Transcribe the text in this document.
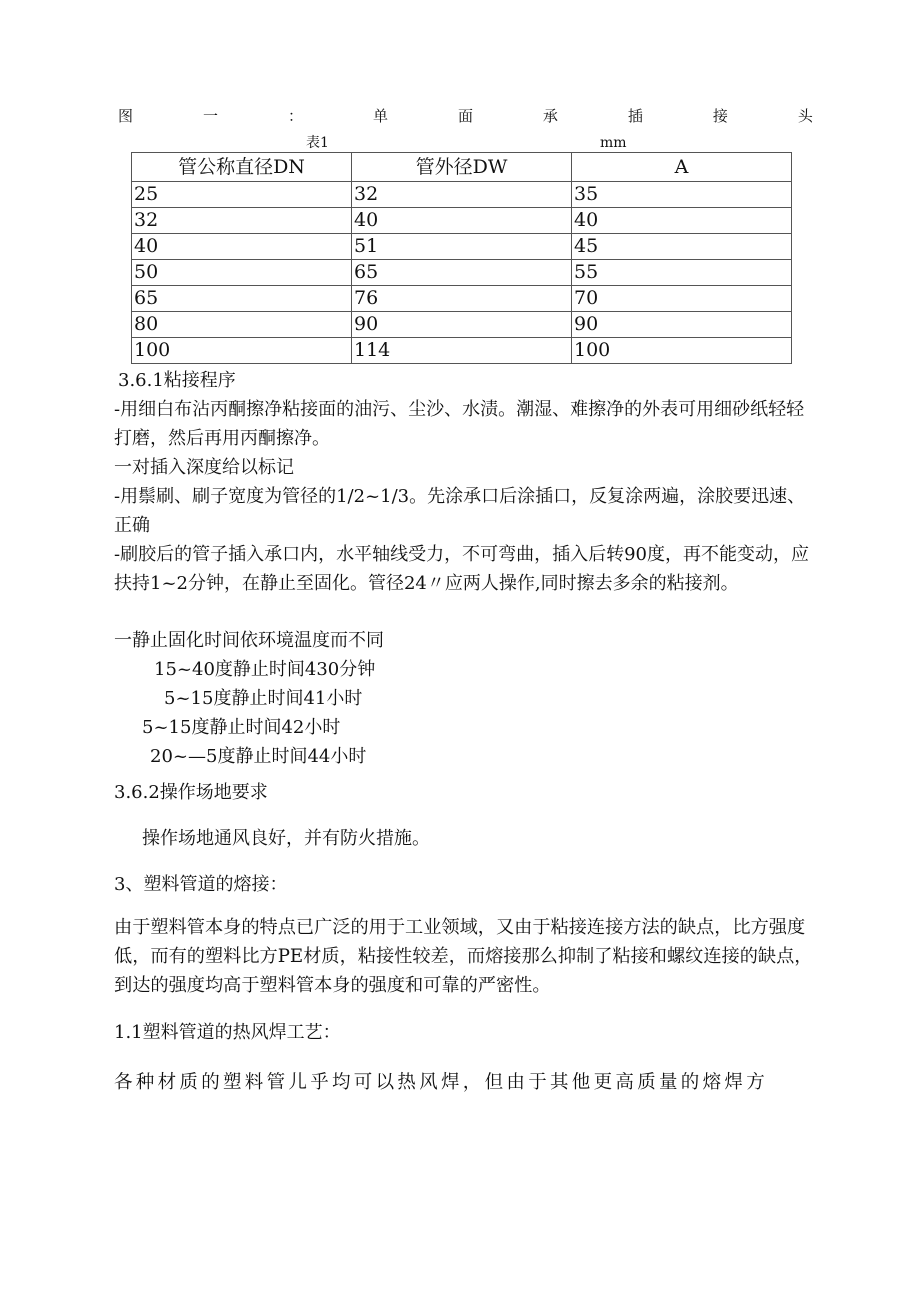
图	一	：	单	面	承	插	接	头
表1	mm
管公称直径DN	管外径DW	A
25	32	35
32	40	40
40	51	45
50	65	55
65	76	70
80	90	90
100	114	100
3.6.1粘接程序
-用细白布沾丙酮擦净粘接面的油污、尘沙、水渍。潮湿、难擦净的外表可用细砂纸轻轻打磨，然后再用丙酮擦净。
一对插入深度给以标记
-用鬃刷、刷子宽度为管径的1/2~1/3。先涂承口后涂插口，反复涂两遍，涂胶要迅速、正确
-刷胶后的管子插入承口内，水平轴线受力，不可弯曲，插入后转90度，再不能变动，应扶持1~2分钟，在静止至固化。管径24〃应两人操作,同时擦去多余的粘接剂。
一静止固化时间依环境温度而不同
15~40度静止时间430分钟
5~15度静止时间41小时
5~15度静止时间42小时
20~—5度静止时间44小时
3.6.2操作场地要求
操作场地通风良好，并有防火措施。
3、塑料管道的熔接：
由于塑料管本身的特点已广泛的用于工业领域，又由于粘接连接方法的缺点，比方强度低，而有的塑料比方PE材质，粘接性较差，而熔接那么抑制了粘接和螺纹连接的缺点，到达的强度均高于塑料管本身的强度和可靠的严密性。
1.1塑料管道的热风焊工艺：
各种材质的塑料管儿乎均可以热风焊，但由于其他更高质量的熔焊方
